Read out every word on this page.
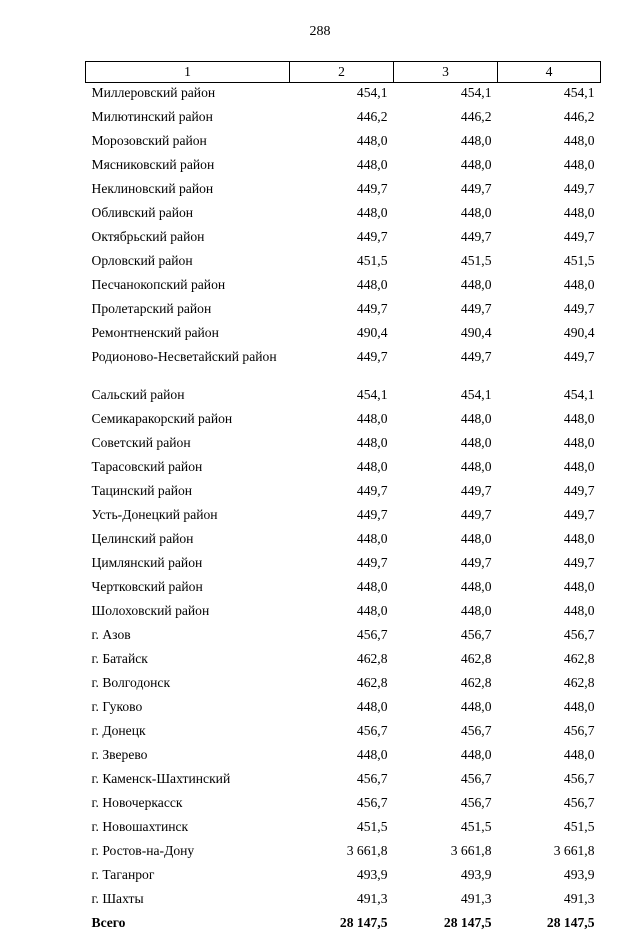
288
1	2	3	4
Миллеровский район	454,1	454,1	454,1
Милютинский район	446,2	446,2	446,2
Морозовский район	448,0	448,0	448,0
Мясниковский район	448,0	448,0	448,0
Неклиновский район	449,7	449,7	449,7
Обливский район	448,0	448,0	448,0
Октябрьский район	449,7	449,7	449,7
Орловский район	451,5	451,5	451,5
Песчанокопский район	448,0	448,0	448,0
Пролетарский район	449,7	449,7	449,7
Ремонтненский район	490,4	490,4	490,4
Родионово-Несветайский район	449,7	449,7	449,7
Сальский район	454,1	454,1	454,1
Семикаракорский район	448,0	448,0	448,0
Советский район	448,0	448,0	448,0
Тарасовский район	448,0	448,0	448,0
Тацинский район	449,7	449,7	449,7
Усть-Донецкий район	449,7	449,7	449,7
Целинский район	448,0	448,0	448,0
Цимлянский район	449,7	449,7	449,7
Чертковский район	448,0	448,0	448,0
Шолоховский район	448,0	448,0	448,0
г. Азов	456,7	456,7	456,7
г. Батайск	462,8	462,8	462,8
г. Волгодонск	462,8	462,8	462,8
г. Гуково	448,0	448,0	448,0
г. Донецк	456,7	456,7	456,7
г. Зверево	448,0	448,0	448,0
г. Каменск-Шахтинский	456,7	456,7	456,7
г. Новочеркасск	456,7	456,7	456,7
г. Новошахтинск	451,5	451,5	451,5
г. Ростов-на-Дону	3 661,8	3 661,8	3 661,8
г. Таганрог	493,9	493,9	493,9
г. Шахты	491,3	491,3	491,3
Всего	28 147,5	28 147,5	28 147,5
